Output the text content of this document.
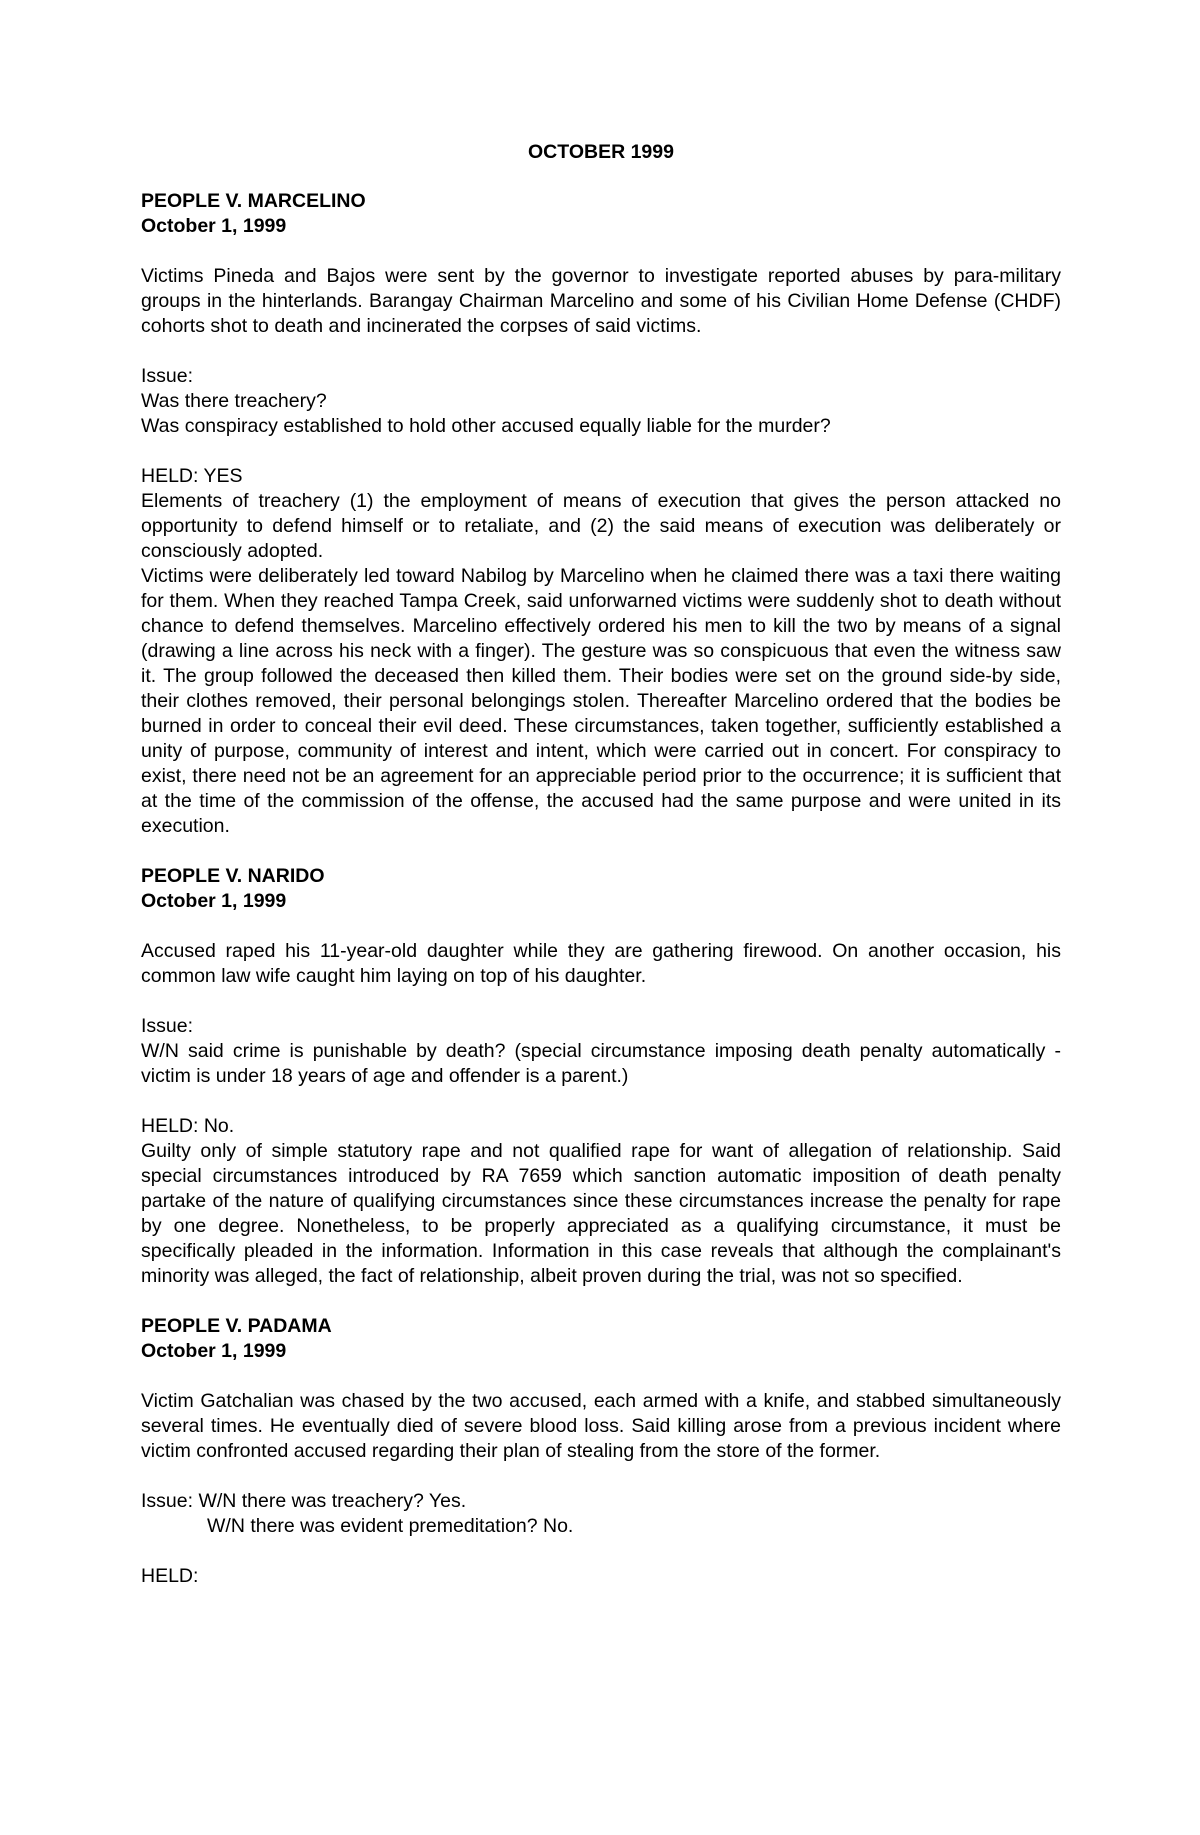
OCTOBER 1999

PEOPLE V. MARCELINO

October 1, 1999

Victims Pineda and Bajos were sent by the governor to investigate reported abuses by para-military groups in the hinterlands. Barangay Chairman Marcelino and some of his Civilian Home Defense (CHDF) cohorts shot to death and incinerated the corpses of said victims.

Issue:

Was there treachery?

Was conspiracy established to hold other accused equally liable for the murder?

HELD: YES

Elements of treachery (1) the employment of means of execution that gives the person attacked no opportunity to defend himself or to retaliate, and (2) the said means of execution was deliberately or consciously adopted.

Victims were deliberately led toward Nabilog by Marcelino when he claimed there was a taxi there waiting for them. When they reached Tampa Creek, said unforwarned victims were suddenly shot to death without chance to defend themselves. Marcelino effectively ordered his men to kill the two by means of a signal (drawing a line across his neck with a finger). The gesture was so conspicuous that even the witness saw it. The group followed the deceased then killed them. Their bodies were set on the ground side-by side, their clothes removed, their personal belongings stolen. Thereafter Marcelino ordered that the bodies be burned in order to conceal their evil deed. These circumstances, taken together, sufficiently established a unity of purpose, community of interest and intent, which were carried out in concert. For conspiracy to exist, there need not be an agreement for an appreciable period prior to the occurrence; it is sufficient that at the time of the commission of the offense, the accused had the same purpose and were united in its execution.

PEOPLE V. NARIDO

October 1, 1999

Accused raped his 11-year-old daughter while they are gathering firewood. On another occasion, his common law wife caught him laying on top of his daughter.

Issue:

W/N said crime is punishable by death? (special circumstance imposing death penalty automatically - victim is under 18 years of age and offender is a parent.)

HELD: No.

Guilty only of simple statutory rape and not qualified rape for want of allegation of relationship. Said special circumstances introduced by RA 7659 which sanction automatic imposition of death penalty partake of the nature of qualifying circumstances since these circumstances increase the penalty for rape by one degree. Nonetheless, to be properly appreciated as a qualifying circumstance, it must be specifically pleaded in the information. Information in this case reveals that although the complainant's minority was alleged, the fact of relationship, albeit proven during the trial, was not so specified.

PEOPLE V. PADAMA

October 1, 1999

Victim Gatchalian was chased by the two accused, each armed with a knife, and stabbed simultaneously several times. He eventually died of severe blood loss. Said killing arose from a previous incident where victim confronted accused regarding their plan of stealing from the store of the former.

Issue: W/N there was treachery? Yes.

W/N there was evident premeditation? No.

HELD:
